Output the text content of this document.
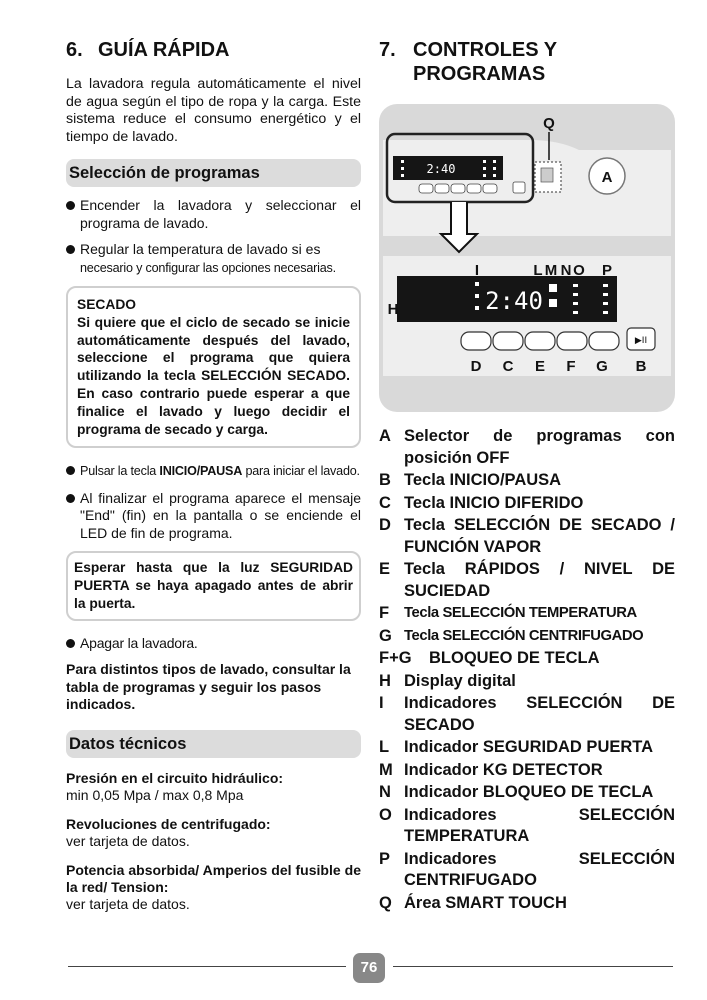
6. GUÍA RÁPIDA

La lavadora regula automáticamente el nivel de agua según el tipo de ropa y la carga. Este sistema reduce el consumo energético y el tiempo de lavado.

Selección de programas
Encender la lavadora y seleccionar el programa de lavado.
Regular la temperatura de lavado si es necesario y configurar las opciones necesarias.
SECADO
Si quiere que el ciclo de secado se inicie automáticamente después del lavado, seleccione el programa que quiera utilizando la tecla SELECCIÓN SECADO. En caso contrario puede esperar a que finalice el lavado y luego decidir el programa de secado y carga.
Pulsar la tecla INICIO/PAUSA para iniciar el lavado.
Al finalizar el programa aparece el mensaje "End" (fin) en la pantalla o se enciende el LED de fin de programa.
Esperar hasta que la luz SEGURIDAD PUERTA se haya apagado antes de abrir la puerta.
Apagar la lavadora.

Para distintos tipos de lavado, consultar la tabla de programas y seguir los pasos indicados.

Datos técnicos
Presión en el circuito hidráulico:
min 0,05 Mpa / max 0,8 Mpa
Revoluciones de centrifugado:
ver tarjeta de datos.
Potencia absorbida/ Amperios del fusible de la red/ Tension:
ver tarjeta de datos.
7. CONTROLES Y PROGRAMAS
A
Q
2:40
2:40
H
I	L M N O P
▶II
D C E F G B
A Selector de programas con posición OFF
B Tecla INICIO/PAUSA
C Tecla INICIO DIFERIDO
D Tecla SELECCIÓN DE SECADO / FUNCIÓN VAPOR
E Tecla RÁPIDOS / NIVEL DE SUCIEDAD
F	Tecla SELECCIÓN TEMPERATURA
G Tecla SELECCIÓN CENTRIFUGADO
F+G	BLOQUEO DE TECLA
H Display digital
I	Indicadores SELECCIÓN DE SECADO
L Indicador SEGURIDAD PUERTA
M Indicador KG DETECTOR
N Indicador BLOQUEO DE TECLA
O Indicadores SELECCIÓN TEMPERATURA
P Indicadores SELECCIÓN CENTRIFUGADO
Q Área SMART TOUCH
76
